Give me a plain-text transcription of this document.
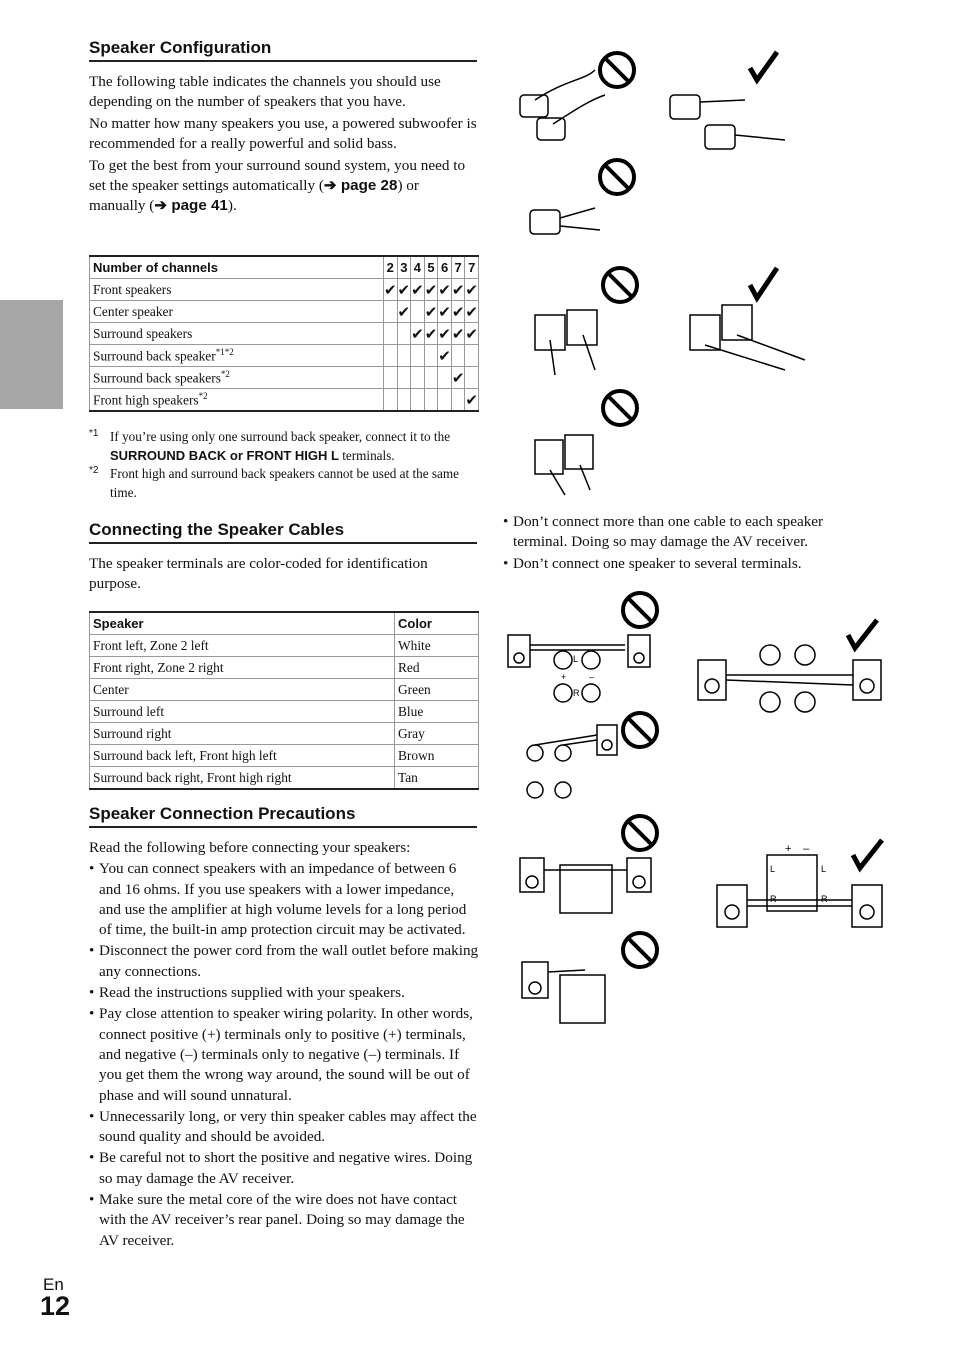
Speaker Configuration

The following table indicates the channels you should use depending on the number of speakers that you have.

No matter how many speakers you use, a powered subwoofer is recommended for a really powerful and solid bass.

To get the best from your surround sound system, you need to set the speaker settings automatically (➔ page 28) or manually (➔ page 41).

Number of channels	2	3	4	5	6	7	7
Front speakers	✔	✔	✔	✔	✔	✔	✔
Center speaker		✔		✔	✔	✔	✔
Surround speakers			✔	✔	✔	✔	✔
Surround back speaker$^{*1*2}$					✔		
Surround back speakers$^{*2}$						✔	
Front high speakers$^{*2}$							✔
*1 If you’re using only one surround back speaker, connect it to the SURROUND BACK or FRONT HIGH L terminals.
*2 Front high and surround back speakers cannot be used at the same time.
Connecting the Speaker Cables
The speaker terminals are color-coded for identification purpose.
Speaker	Color
Front left, Zone 2 left	White
Front right, Zone 2 right	Red
Center	Green
Surround left	Blue
Surround right	Gray
Surround back left, Front high left	Brown
Surround back right, Front high right	Tan
Speaker Connection Precautions

Read the following before connecting your speakers:

• You can connect speakers with an impedance of between 6 and 16 ohms. If you use speakers with a lower impedance, and use the amplifier at high volume levels for a long period of time, the built-in amp protection circuit may be activated.
• Disconnect the power cord from the wall outlet before making any connections.
• Read the instructions supplied with your speakers.
• Pay close attention to speaker wiring polarity. In other words, connect positive (+) terminals only to positive (+) terminals, and negative (–) terminals only to negative (–) terminals. If you get them the wrong way around, the sound will be out of phase and will sound unnatural.
• Unnecessarily long, or very thin speaker cables may affect the sound quality and should be avoided.
• Be careful not to short the positive and negative wires. Doing so may damage the AV receiver.
• Make sure the metal core of the wire does not have contact with the AV receiver’s rear panel. Doing so may damage the AV receiver.
• Don’t connect more than one cable to each speaker terminal. Doing so may damage the AV receiver.
• Don’t connect one speaker to several terminals.
+	–
L
R
+ –
L
R
L
R
En
12
